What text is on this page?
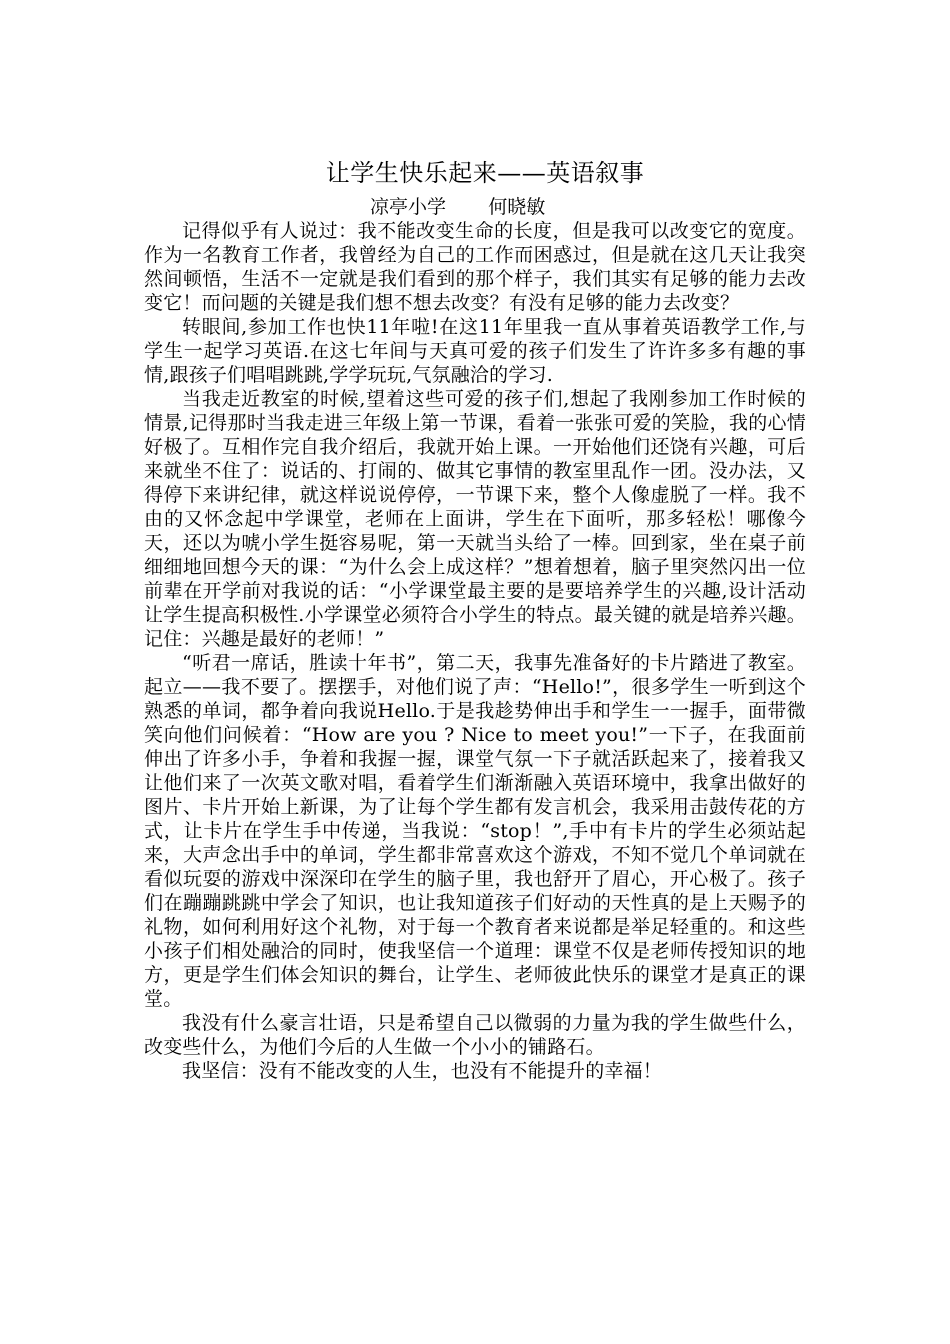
让学生快乐起来——英语叙事

凉亭小学       何晓敏

记得似乎有人说过：我不能改变生命的长度，但是我可以改变它的宽度。作为一名教育工作者，我曾经为自己的工作而困惑过，但是就在这几天让我突然间顿悟，生活不一定就是我们看到的那个样子，我们其实有足够的能力去改变它！而问题的关键是我们想不想去改变？有没有足够的能力去改变？

转眼间,参加工作也快11年啦!在这11年里我一直从事着英语教学工作,与学生一起学习英语.在这七年间与天真可爱的孩子们发生了许许多多有趣的事情,跟孩子们唱唱跳跳,学学玩玩,气氛融洽的学习.

当我走近教室的时候,望着这些可爱的孩子们,想起了我刚参加工作时候的情景,记得那时当我走进三年级上第一节课，看着一张张可爱的笑脸，我的心情好极了。互相作完自我介绍后，我就开始上课。一开始他们还饶有兴趣，可后来就坐不住了：说话的、打闹的、做其它事情的教室里乱作一团。没办法，又得停下来讲纪律，就这样说说停停，一节课下来，整个人像虚脱了一样。我不由的又怀念起中学课堂，老师在上面讲，学生在下面听，那多轻松！哪像今天，还以为唬小学生挺容易呢，第一天就当头给了一棒。回到家，坐在桌子前细细地回想今天的课：“为什么会上成这样？”想着想着，脑子里突然闪出一位前辈在开学前对我说的话：“小学课堂最主要的是要培养学生的兴趣,设计活动让学生提高积极性.小学课堂必须符合小学生的特点。最关键的就是培养兴趣。记住：兴趣是最好的老师！”

“听君一席话，胜读十年书”，第二天，我事先准备好的卡片踏进了教室。起立——我不要了。摆摆手，对他们说了声：“Hello!”，很多学生一听到这个熟悉的单词，都争着向我说Hello.于是我趁势伸出手和学生一一握手，面带微笑向他们问候着：“How are you ? Nice to meet you!”一下子，在我面前伸出了许多小手，争着和我握一握，课堂气氛一下子就活跃起来了，接着我又让他们来了一次英文歌对唱，看着学生们渐渐融入英语环境中，我拿出做好的图片、卡片开始上新课，为了让每个学生都有发言机会，我采用击鼓传花的方式，让卡片在学生手中传递，当我说：“stop！”,手中有卡片的学生必须站起来，大声念出手中的单词，学生都非常喜欢这个游戏，不知不觉几个单词就在看似玩耍的游戏中深深印在学生的脑子里，我也舒开了眉心，开心极了。孩子们在蹦蹦跳跳中学会了知识，也让我知道孩子们好动的天性真的是上天赐予的礼物，如何利用好这个礼物，对于每一个教育者来说都是举足轻重的。和这些小孩子们相处融洽的同时，使我坚信一个道理：课堂不仅是老师传授知识的地方，更是学生们体会知识的舞台，让学生、老师彼此快乐的课堂才是真正的课堂。

我没有什么豪言壮语，只是希望自己以微弱的力量为我的学生做些什么，改变些什么，为他们今后的人生做一个小小的铺路石。

我坚信：没有不能改变的人生，也没有不能提升的幸福！
